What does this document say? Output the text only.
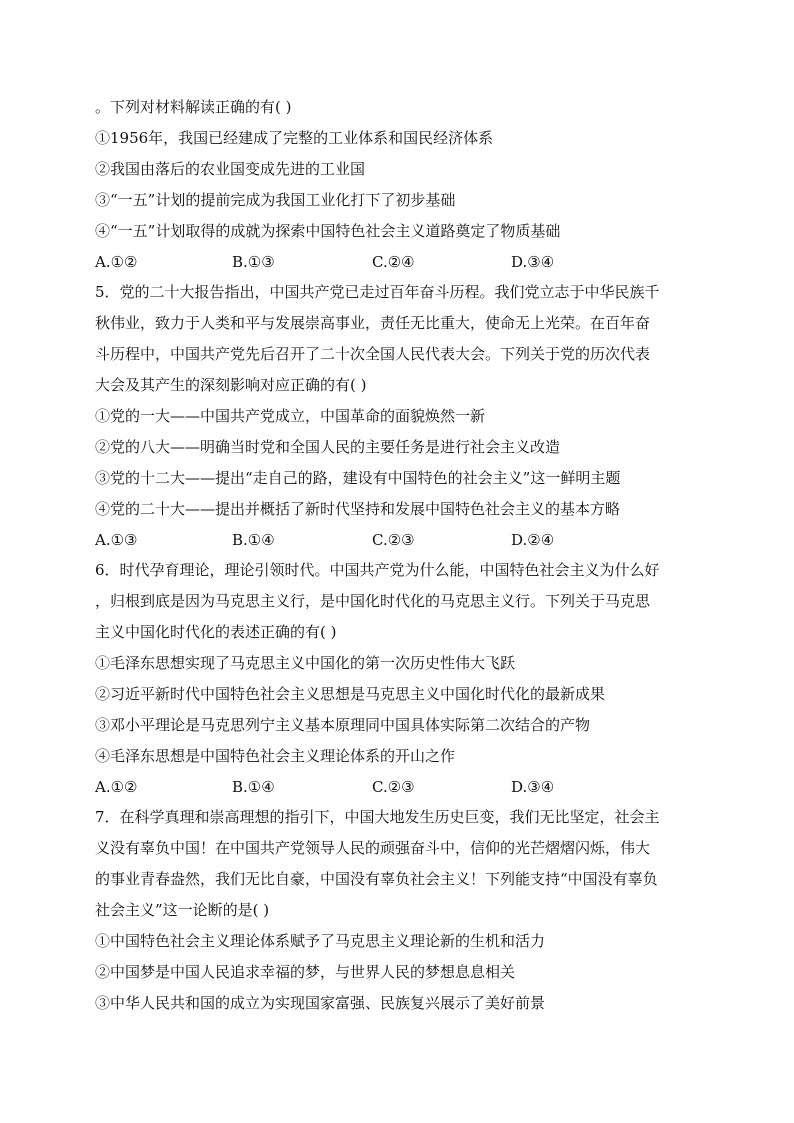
。下列对材料解读正确的有( )
①1956年，我国已经建成了完整的工业体系和国民经济体系
②我国由落后的农业国变成先进的工业国
③“一五”计划的提前完成为我国工业化打下了初步基础
④“一五”计划取得的成就为探索中国特色社会主义道路奠定了物质基础
A.①②	B.①③	C.②④	D.③④
5．党的二十大报告指出，中国共产党已走过百年奋斗历程。我们党立志于中华民族千
秋伟业，致力于人类和平与发展崇高事业，责任无比重大，使命无上光荣。在百年奋
斗历程中，中国共产党先后召开了二十次全国人民代表大会。下列关于党的历次代表
大会及其产生的深刻影响对应正确的有( )
①党的一大——中国共产党成立，中国革命的面貌焕然一新
②党的八大——明确当时党和全国人民的主要任务是进行社会主义改造
③党的十二大——提出“走自己的路，建设有中国特色的社会主义”这一鲜明主题
④党的二十大——提出并概括了新时代坚持和发展中国特色社会主义的基本方略
A.①③	B.①④	C.②③	D.②④
6．时代孕育理论，理论引领时代。中国共产党为什么能，中国特色社会主义为什么好
，归根到底是因为马克思主义行，是中国化时代化的马克思主义行。下列关于马克思
主义中国化时代化的表述正确的有( )
①毛泽东思想实现了马克思主义中国化的第一次历史性伟大飞跃
②习近平新时代中国特色社会主义思想是马克思主义中国化时代化的最新成果
③邓小平理论是马克思列宁主义基本原理同中国具体实际第二次结合的产物
④毛泽东思想是中国特色社会主义理论体系的开山之作
A.①②	B.①④	C.②③	D.③④
7．在科学真理和崇高理想的指引下，中国大地发生历史巨变，我们无比坚定，社会主
义没有辜负中国！在中国共产党领导人民的顽强奋斗中，信仰的光芒熠熠闪烁，伟大
的事业青春盎然，我们无比自豪，中国没有辜负社会主义！下列能支持“中国没有辜负
社会主义”这一论断的是( )
①中国特色社会主义理论体系赋予了马克思主义理论新的生机和活力
②中国梦是中国人民追求幸福的梦，与世界人民的梦想息息相关
③中华人民共和国的成立为实现国家富强、民族复兴展示了美好前景
